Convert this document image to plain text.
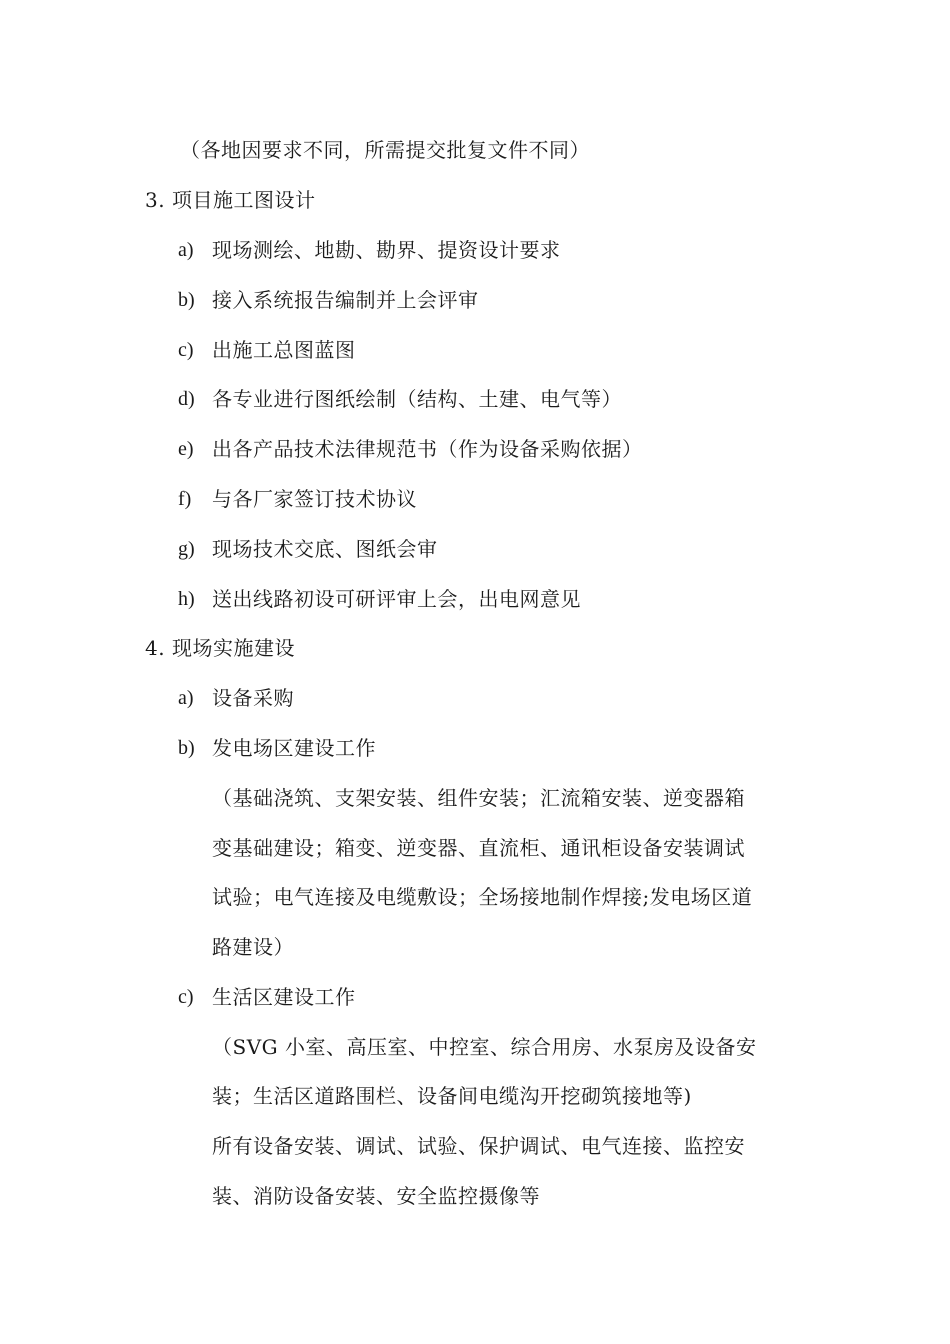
（各地因要求不同，所需提交批复文件不同）
3. 项目施工图设计
a) 现场测绘、地勘、勘界、提资设计要求
b) 接入系统报告编制并上会评审
c) 出施工总图蓝图
d) 各专业进行图纸绘制（结构、土建、电气等）
e) 出各产品技术法律规范书（作为设备采购依据）
f) 与各厂家签订技术协议
g) 现场技术交底、图纸会审
h) 送出线路初设可研评审上会，出电网意见
4. 现场实施建设
a) 设备采购
b) 发电场区建设工作
（基础浇筑、支架安装、组件安装；汇流箱安装、逆变器箱
变基础建设；箱变、逆变器、直流柜、通讯柜设备安装调试
试验；电气连接及电缆敷设；全场接地制作焊接;发电场区道
路建设）
c) 生活区建设工作
（SVG 小室、高压室、中控室、综合用房、水泵房及设备安
装；生活区道路围栏、设备间电缆沟开挖砌筑接地等)
所有设备安装、调试、试验、保护调试、电气连接、监控安
装、消防设备安装、安全监控摄像等
